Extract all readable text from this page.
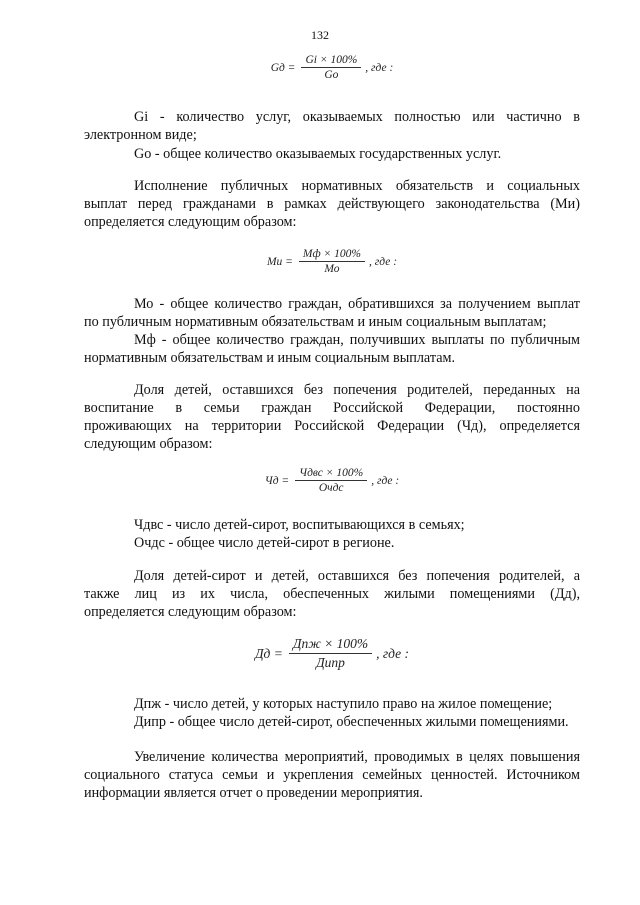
132
Gд = $\frac{Gi \times 100\%}{Gо}$ , где :
Gi - количество услуг, оказываемых полностью или частично в
электронном виде;
Go - общее количество оказываемых государственных услуг.
Исполнение публичных нормативных обязательств и социальных
выплат перед гражданами в рамках действующего законодательства (Ми)
определяется следующим образом:
Ми = $\frac{Мф \times 100\%}{Мо}$ , где :
Мо - общее количество граждан, обратившихся за получением выплат
по публичным нормативным обязательствам и иным социальным выплатам;
Мф - общее количество граждан, получивших выплаты по публичным
нормативным обязательствам и иным социальным выплатам.
Доля детей, оставшихся без попечения родителей, переданных на
воспитание в семьи граждан Российской Федерации, постоянно
проживающих на территории Российской Федерации (Чд), определяется
следующим образом:
Чд = $\frac{\text{Чдвс × 100\%}}{\text{Очдс}}$ , где :
Чдвс - число детей-сирот, воспитывающихся в семьях;
Очдс - общее число детей-сирот в регионе.
Доля детей-сирот и детей, оставшихся без попечения родителей, а
также лиц из их числа, обеспеченных жилыми помещениями (Дд),
определяется следующим образом:
Дд = $\frac{\text{Дпж × 100\%}}{\text{Дипр}}$ , где :
Дпж - число детей, у которых наступило право на жилое помещение;
Дипр - общее число детей-сирот, обеспеченных жилыми помещениями.
Увеличение количества мероприятий, проводимых в целях повышения
социального статуса семьи и укрепления семейных ценностей. Источником
информации является отчет о проведении мероприятия.
